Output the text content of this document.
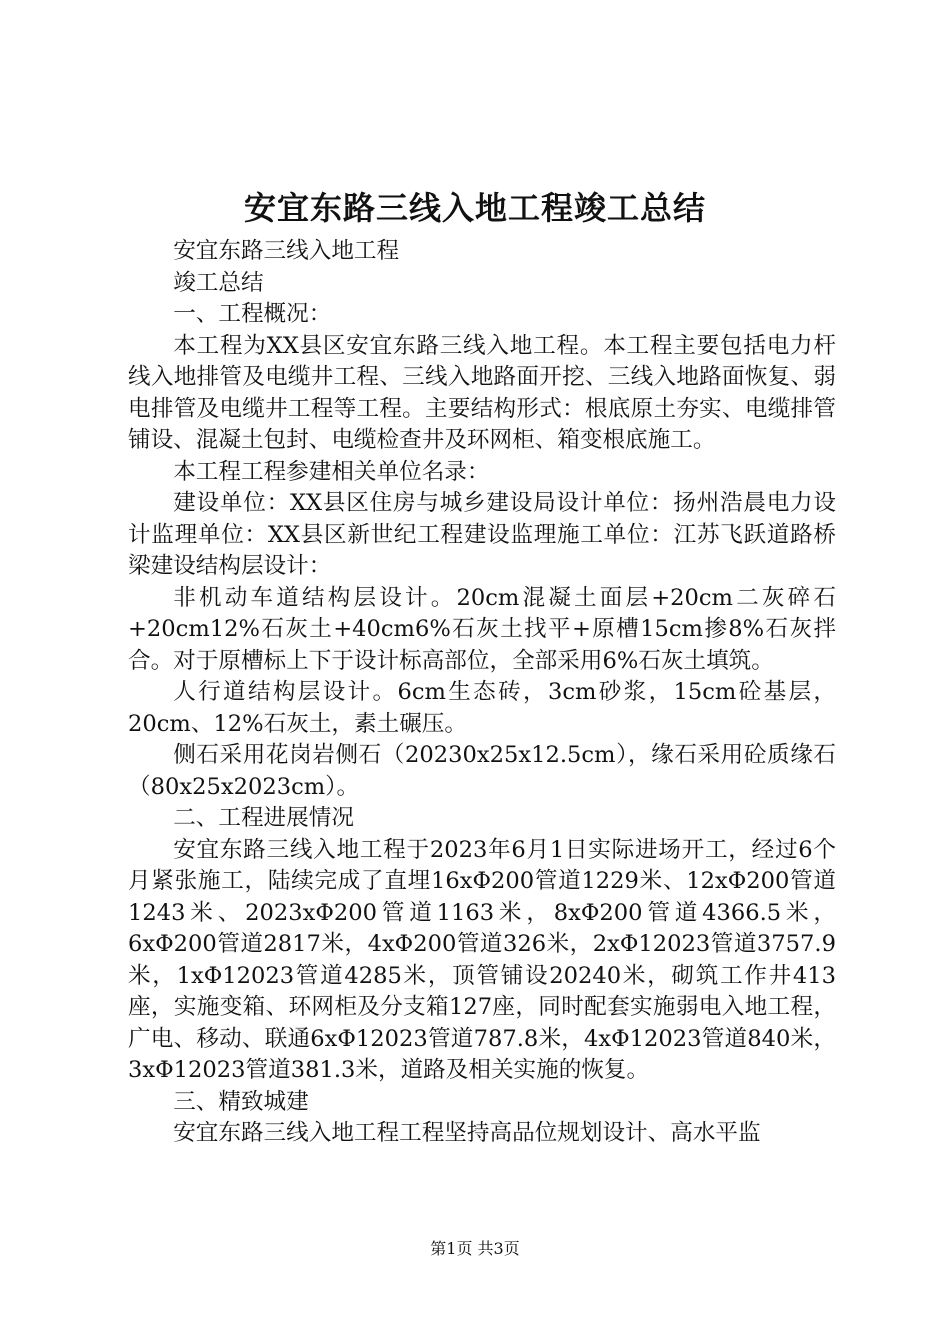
安宜东路三线入地工程竣工总结

安宜东路三线入地工程

竣工总结

一、工程概况：

本工程为XX县区安宜东路三线入地工程。本工程主要包括电力杆线入地排管及电缆井工程、三线入地路面开挖、三线入地路面恢复、弱电排管及电缆井工程等工程。主要结构形式：根底原土夯实、电缆排管铺设、混凝土包封、电缆检查井及环网柜、箱变根底施工。

本工程工程参建相关单位名录：

建设单位：XX县区住房与城乡建设局设计单位：扬州浩晨电力设计监理单位：XX县区新世纪工程建设监理施工单位：江苏飞跃道路桥梁建设结构层设计：

非机动车道结构层设计。20cm混凝土面层+20cm二灰碎石+20cm12%石灰土+40cm6%石灰土找平+原槽15cm掺8%石灰拌合。对于原槽标上下于设计标高部位，全部采用6%石灰土填筑。

人行道结构层设计。6cm生态砖，3cm砂浆，15cm砼基层，20cm、12%石灰土，素土碾压。

侧石采用花岗岩侧石（20230x25x12.5cm），缘石采用砼质缘石（80x25x2023cm）。

二、工程进展情况

安宜东路三线入地工程于2023年6月1日实际进场开工，经过6个月紧张施工，陆续完成了直埋16xΦ200管道1229米、12xΦ200管道1243米、2023xΦ200管道1163米，8xΦ200管道4366.5米，6xΦ200管道2817米，4xΦ200管道326米，2xΦ12023管道3757.9米，1xΦ12023管道4285米，顶管铺设20240米，砌筑工作井413座，实施变箱、环网柜及分支箱127座，同时配套实施弱电入地工程，广电、移动、联通6xΦ12023管道787.8米，4xΦ12023管道840米，3xΦ12023管道381.3米，道路及相关实施的恢复。

三、精致城建

安宜东路三线入地工程工程坚持高品位规划设计、高水平监

第1页 共3页
